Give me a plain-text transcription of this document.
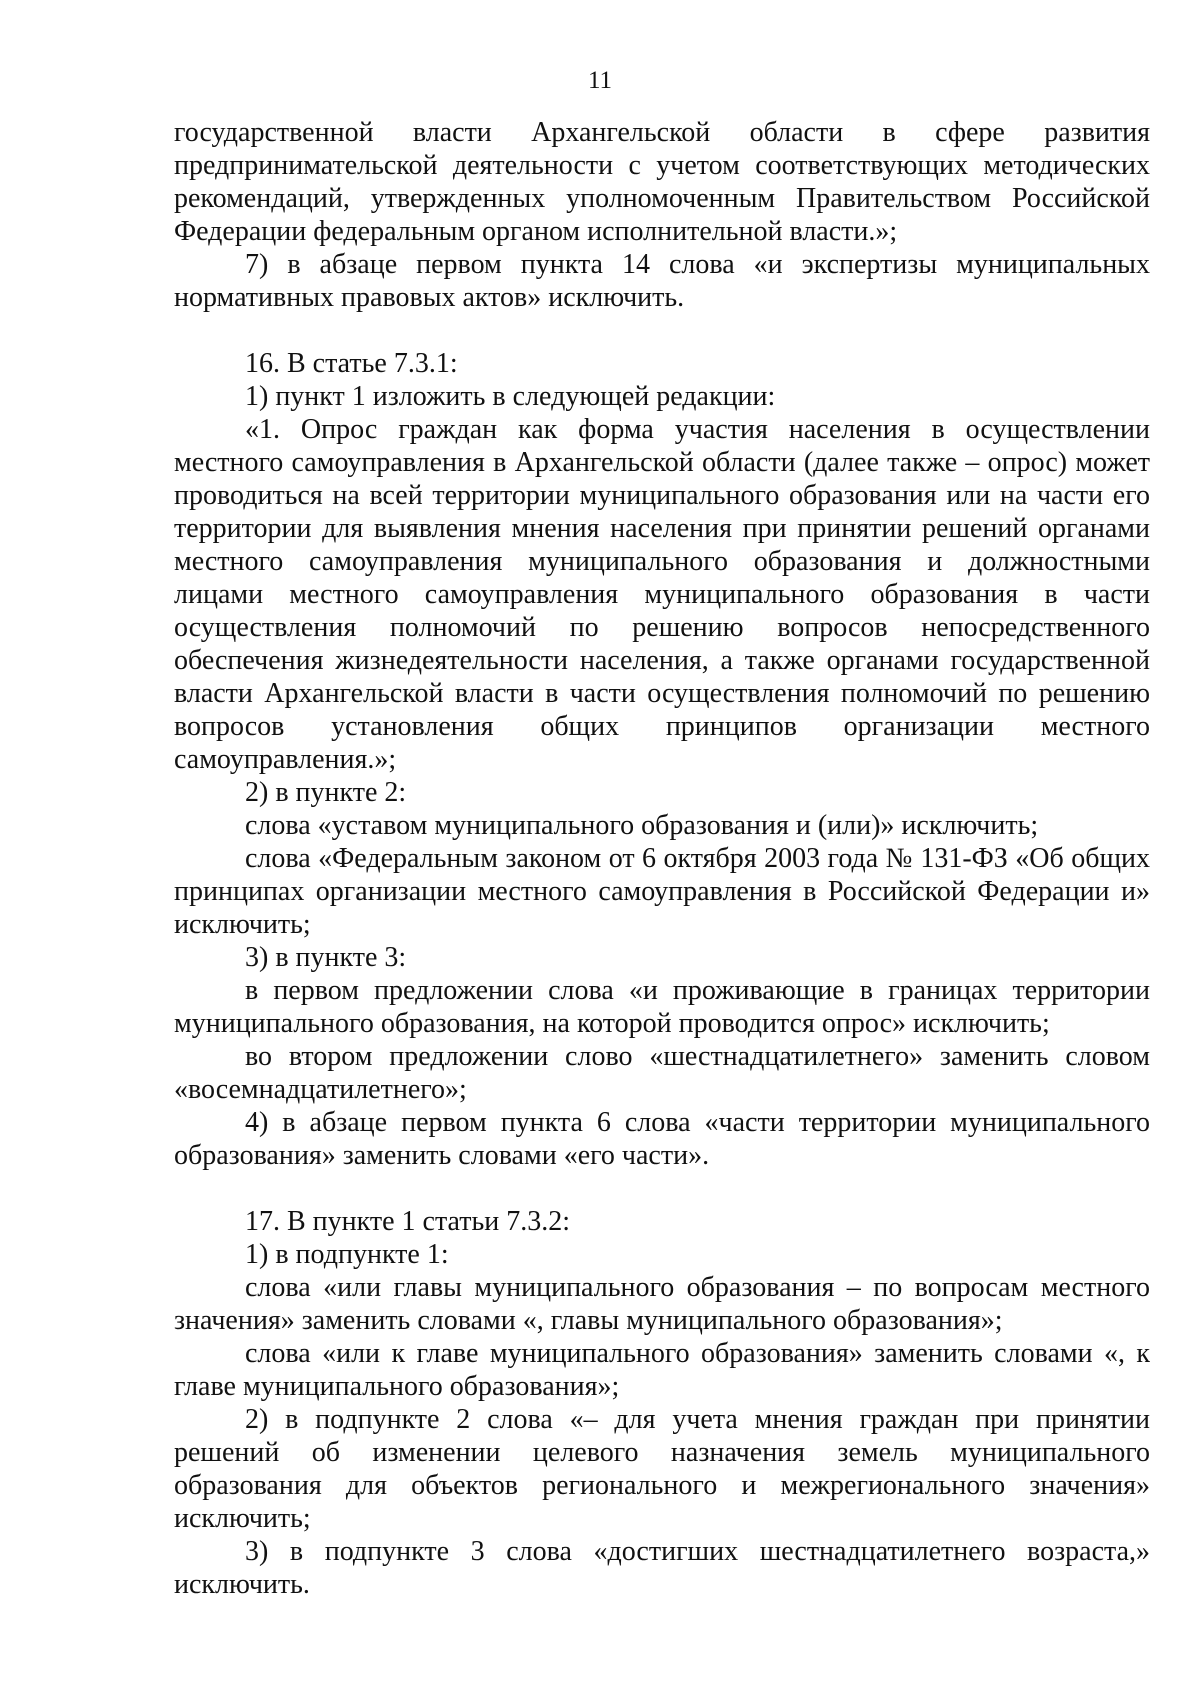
11

государственной власти Архангельской области в сфере развития предпринимательской деятельности с учетом соответствующих методических рекомендаций, утвержденных уполномоченным Правительством Российской Федерации федеральным органом исполнительной власти.»;

7) в абзаце первом пункта 14 слова «и экспертизы муниципальных нормативных правовых актов» исключить.

16. В статье 7.3.1:

1) пункт 1 изложить в следующей редакции:

«1. Опрос граждан как форма участия населения в осуществлении местного самоуправления в Архангельской области (далее также – опрос) может проводиться на всей территории муниципального образования или на части его территории для выявления мнения населения при принятии решений органами местного самоуправления муниципального образования и должностными лицами местного самоуправления муниципального образования в части осуществления полномочий по решению вопросов непосредственного обеспечения жизнедеятельности населения, а также органами государственной власти Архангельской власти в части осуществления полномочий по решению вопросов установления общих принципов организации местного самоуправления.»;

2) в пункте 2:

слова «уставом муниципального образования и (или)» исключить;

слова «Федеральным законом от 6 октября 2003 года № 131-ФЗ «Об общих принципах организации местного самоуправления в Российской Федерации и» исключить;

3) в пункте 3:

в первом предложении слова «и проживающие в границах территории муниципального образования, на которой проводится опрос» исключить;

во втором предложении слово «шестнадцатилетнего» заменить словом «восемнадцатилетнего»;

4) в абзаце первом пункта 6 слова «части территории муниципального образования» заменить словами «его части».

17. В пункте 1 статьи 7.3.2:

1) в подпункте 1:

слова «или главы муниципального образования – по вопросам местного значения» заменить словами «, главы муниципального образования»;

слова «или к главе муниципального образования» заменить словами «, к главе муниципального образования»;

2) в подпункте 2 слова «– для учета мнения граждан при принятии решений об изменении целевого назначения земель муниципального образования для объектов регионального и межрегионального значения» исключить;

3) в подпункте 3 слова «достигших шестнадцатилетнего возраста,» исключить.
